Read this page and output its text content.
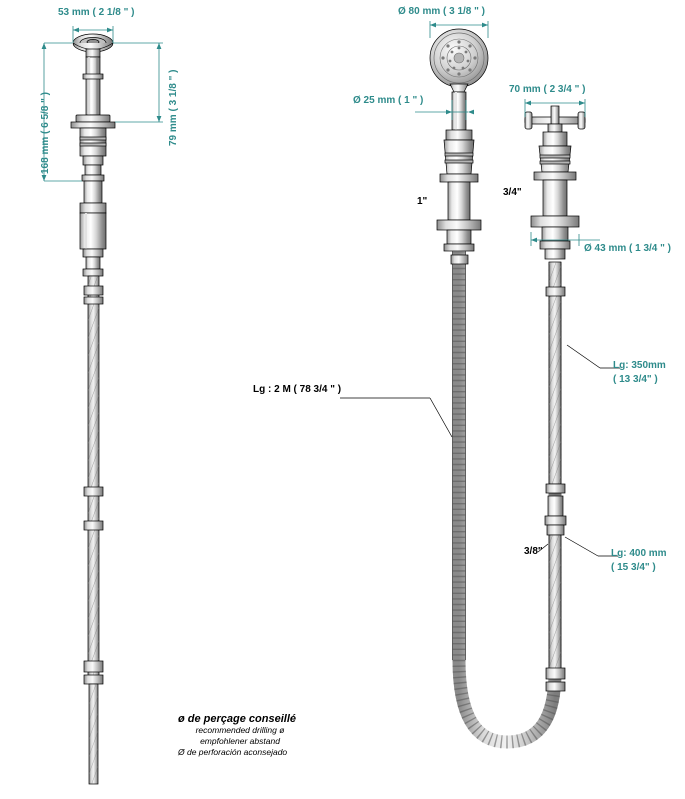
53 mm ( 2 1/8 " )
168 mm ( 6 5/8 " )	79 mm ( 3 1/8 " )
Ø 80 mm ( 3 1/8 " )
Ø 25 mm ( 1 " )
70 mm ( 2 3/4 " )
Ø 43 mm ( 1 3/4 " )
1"
3/4"
3/8"
Lg : 2 M ( 78 3/4 " )
Lg: 350mm
( 13 3/4" )
Lg: 400 mm
( 15 3/4" )
ø de perçage conseillé
recommended drilling ø
empfohlener abstand
Ø de perforación aconsejado
